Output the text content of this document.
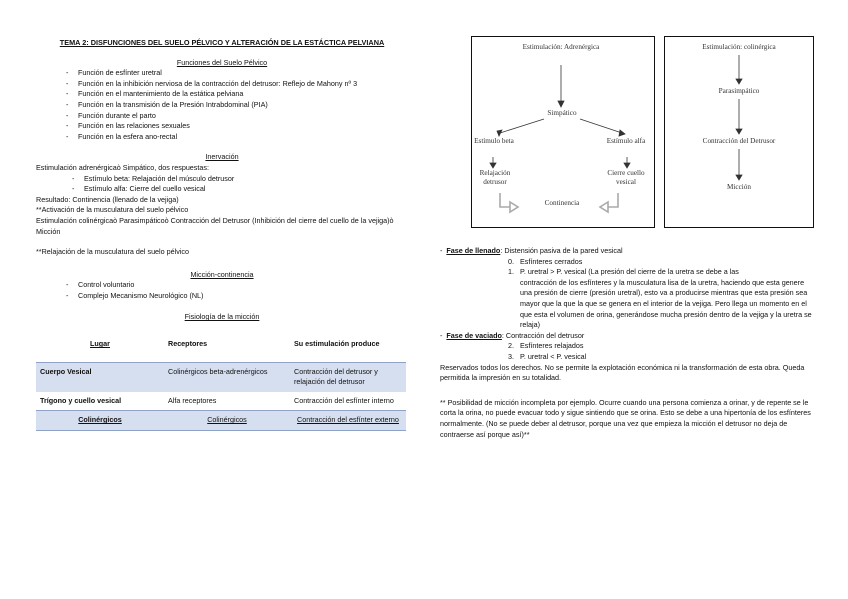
TEMA 2: DISFUNCIONES DEL SUELO PÉLVICO Y ALTERACIÓN DE LA ESTÁCTICA PELVIANA
Funciones del Suelo Pélvico
- Función de esfínter uretral
- Función en la inhibición nerviosa de la contracción del detrusor: Reflejo de Mahony nº 3
- Función en el mantenimiento de la estática pelviana
- Función en la transmisión de la Presión Intrabdominal (PIA)
- Función durante el parto
- Función en las relaciones sexuales
- Función en la esfera ano-rectal
Inervación
Estimulación adrenérgicaò Simpático, dos respuestas:
- Estímulo beta: Relajación del músculo detrusor
- Estímulo alfa: Cierre del cuello vesical
Resultado: Continencia (llenado de la vejiga)
**Activación de la musculatura del suelo pélvico
Estimulación colinérgicaò Parasimpáticoò Contracción del Detrusor (Inhibición del cierre del cuello de la vejiga)ò Micción
**Relajación de la musculatura del suelo pélvico
Micción-continencia
- Control voluntario
- Complejo Mecanismo Neurológico (NL)
Fisiología de la micción
Lugar	Receptores	Su estimulación produce
Cuerpo Vesical	Colinérgicos beta-adrenérgicos	Contracción del detrusor y relajación del detrusor
Trígono y cuello vesical	Alfa receptores	Contracción del esfínter interno
Colinérgicos	Colinérgicos	Contracción del esfínter externo
Estimulación: Adrenérgica
Simpático
Estímulo beta	Estímulo alfa
Relajación detrusor
Cierre cuello vesical
Continencia
Estimulación: colinérgica
Parasimpático
Contracción del Detrusor
Micción
-  Fase de llenado: Distensión pasiva de la pared vesical
0. Esfínteres cerrados
1. P. uretral > P. vesical (La presión del cierre de la uretra se debe a las
contracción de los esfínteres y la musculatura lisa de la uretra, haciendo que esta genere una presión de cierre (presión uretral), esto va a producirse mientras que esta presión sea mayor que la que la que se genera en el interior de la vejiga. Pero llega un momento en el que esta el volumen de orina, generándose mucha presión dentro de la vejiga y la uretra se relaja)
-  Fase de vaciado: Contracción del detrusor
2. Esfínteres relajados
3. P. uretral < P. vesical
Reservados todos los derechos. No se permite la explotación económica ni la transformación de esta obra. Queda permitida la impresión en su totalidad.
** Posibilidad de micción incompleta por ejemplo. Ocurre cuando una persona comienza a orinar, y de repente se le corta la orina, no puede evacuar todo y sigue sintiendo que se orina. Esto se debe a una hipertonía de los esfínteres normalmente. (No se puede deber al detrusor, porque una vez que empieza la micción el detrusor no deja de contraerse así porque así)**
